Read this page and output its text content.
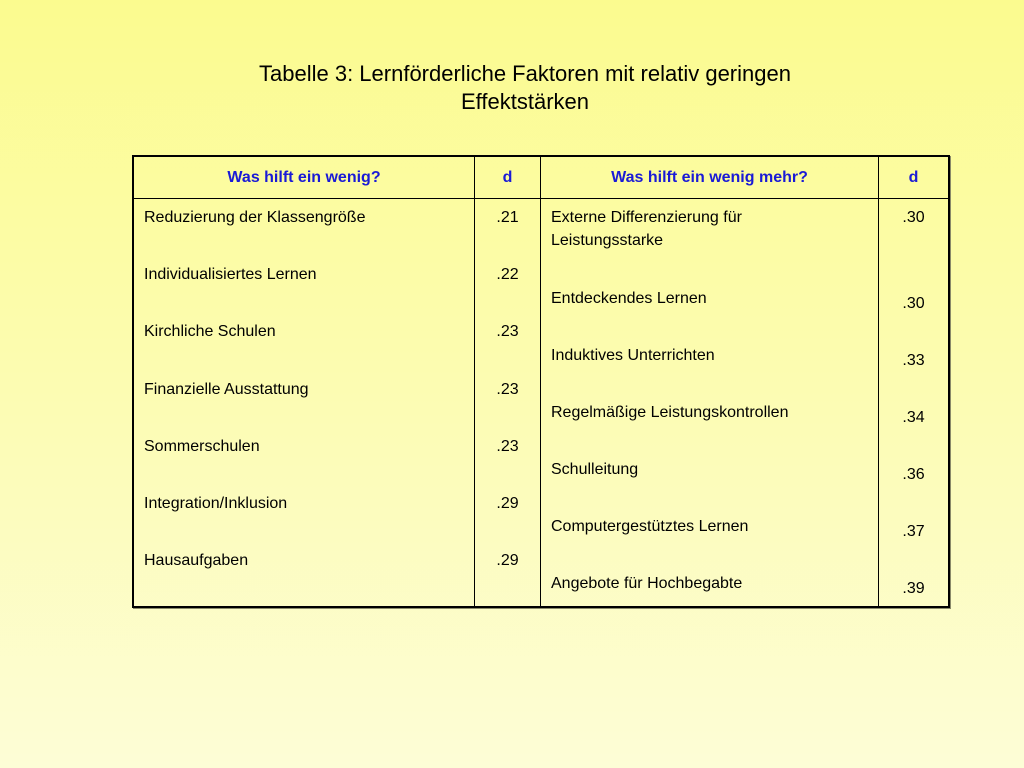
Tabelle 3: Lernförderliche Faktoren mit relativ geringen
Effektstärken
Was hilft ein wenig?
Reduzierung der Klassengröße
Individualisiertes Lernen
Kirchliche Schulen
Finanzielle Ausstattung
Sommerschulen
Integration/Inklusion
Hausaufgaben
d
.21
.22
.23
.23
.23
.29
.29
Was hilft ein wenig mehr?
Externe Differenzierung für
Leistungsstarke
Entdeckendes Lernen
Induktives Unterrichten
Regelmäßige Leistungskontrollen
Schulleitung
Computergestütztes Lernen
Angebote für Hochbegabte
d
.30
.30
.33
.34
.36
.37
.39
